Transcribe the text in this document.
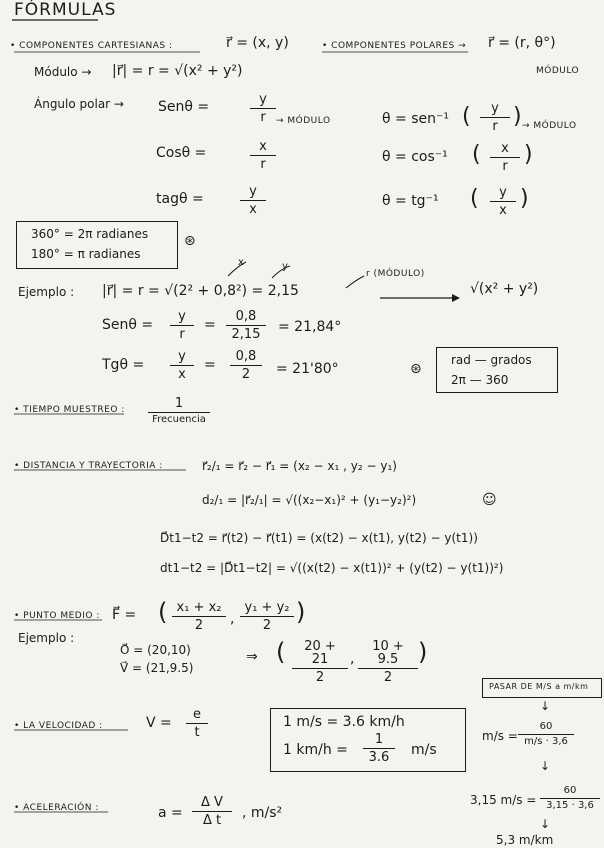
FÓRMULAS
• COMPONENTES CARTESIANAS :	r⃗ = (x, y)	• COMPONENTES POLARES → r⃗ = (r, θ°)
MÓDULO
Módulo → |r⃗| = r = √(x² + y²)
Ángulo polar → Senθ =	$\frac{y}{r}$ → MÓDULO	θ = sen⁻¹ ( $\frac{y}{r}$ ) → MÓDULO
Cosθ =	$\frac{x}{r}$	θ = cos⁻¹ ( $\frac{x}{r}$ )
tagθ =	$\frac{y}{x}$	θ = tg⁻¹ ( $\frac{y}{x}$ )
360° = 2π radianes
180° = π radianes
⊛
x	y
Ejemplo : |r⃗| = r = √(2² + 0,8²) = 2,15
r (MÓDULO)
√(x² + y²)
$Sen\theta = \frac{y}{r} = \frac{0,8}{2,15} = 21,84^\circ$
$Tg\theta = \frac{y}{x} = \frac{0,8}{2} = 21'80^\circ$	⊛
rad — grados
2π — 360
• TIEMPO MUESTREO :	1
Frecuencia
• DISTANCIA Y TRAYECTORIA :	r⃗₂/₁ = r⃗₂ − r⃗₁ = (x₂ − x₁ , y₂ − y₁)
d₂/₁ = |r⃗₂/₁| = √((x₂−x₁)² + (y₁−y₂)²)	☺
D⃗t1−t2 = r⃗(t2) − r⃗(t1) = (x(t2) − x(t1), y(t2) − y(t1))
dt1−t2 = |D⃗t1−t2| = √((x(t2) − x(t1))² + (y(t2) − y(t1))²)
• PUNTO MEDIO : F⃗ = ( $\frac{\text{x₁ + x₂}}{2}$ , $\frac{\text{y₁ + y₂}}{2}$ )
Ejemplo :
O⃗ = (20,10)
V⃗ = (21,9.5)
⇒ ( $\frac{20 + 21}{2}$ , $\frac{10 + 9.5}{2}$ )
PASAR DE M/S a m/km
↓
• LA VELOCIDAD :	$V = \frac{e}{t}$	1 m/s = 3.6 km/h
1 $km/h = \frac{1}{3.6} m/s$
$m/s = \frac{60}{m/s \cdot 3,6}$
↓
3,15 $m/s = \frac{60}{3,15 \cdot 3,6}$
↓
5,3 m/km
• ACELERACIÓN :	$a = \frac{\text{Δ V}}{\text{Δ t}}$ , m/s²
